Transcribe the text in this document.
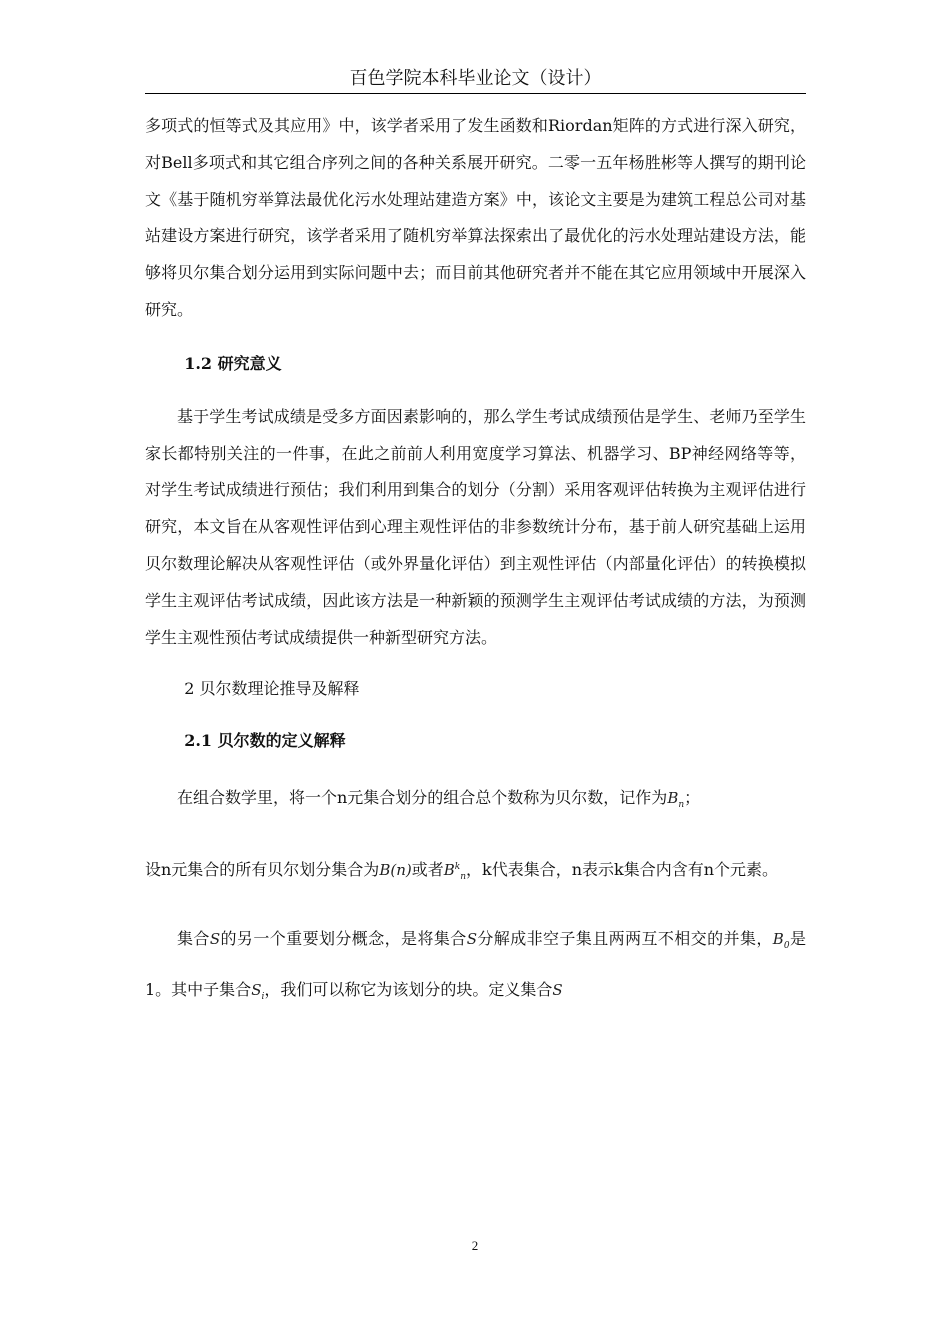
百色学院本科毕业论文（设计）

多项式的恒等式及其应用》中，该学者采用了发生函数和Riordan矩阵的方式进行深入研究，对Bell多项式和其它组合序列之间的各种关系展开研究。二零一五年杨胜彬等人撰写的期刊论文《基于随机穷举算法最优化污水处理站建造方案》中，该论文主要是为建筑工程总公司对基站建设方案进行研究，该学者采用了随机穷举算法探索出了最优化的污水处理站建设方法，能够将贝尔集合划分运用到实际问题中去；而目前其他研究者并不能在其它应用领域中开展深入研究。

1.2 研究意义

基于学生考试成绩是受多方面因素影响的，那么学生考试成绩预估是学生、老师乃至学生家长都特别关注的一件事，在此之前前人利用宽度学习算法、机器学习、BP神经网络等等，对学生考试成绩进行预估；我们利用到集合的划分（分割）采用客观评估转换为主观评估进行研究，本文旨在从客观性评估到心理主观性评估的非参数统计分布，基于前人研究基础上运用贝尔数理论解决从客观性评估（或外界量化评估）到主观性评估（内部量化评估）的转换模拟学生主观评估考试成绩，因此该方法是一种新颖的预测学生主观评估考试成绩的方法，为预测学生主观性预估考试成绩提供一种新型研究方法。

2 贝尔数理论推导及解释

2.1 贝尔数的定义解释

在组合数学里，将一个n元集合划分的组合总个数称为贝尔数，记作为$B_n$；

设n元集合的所有贝尔划分集合为B(n)或者$B^k_n$，k代表集合，n表示k集合内含有n个元素。

集合S的另一个重要划分概念，是将集合S分解成非空子集且两两互不相交的并集，$B_0$是1。其中子集合$S_i$，我们可以称它为该划分的块。定义集合S

2
